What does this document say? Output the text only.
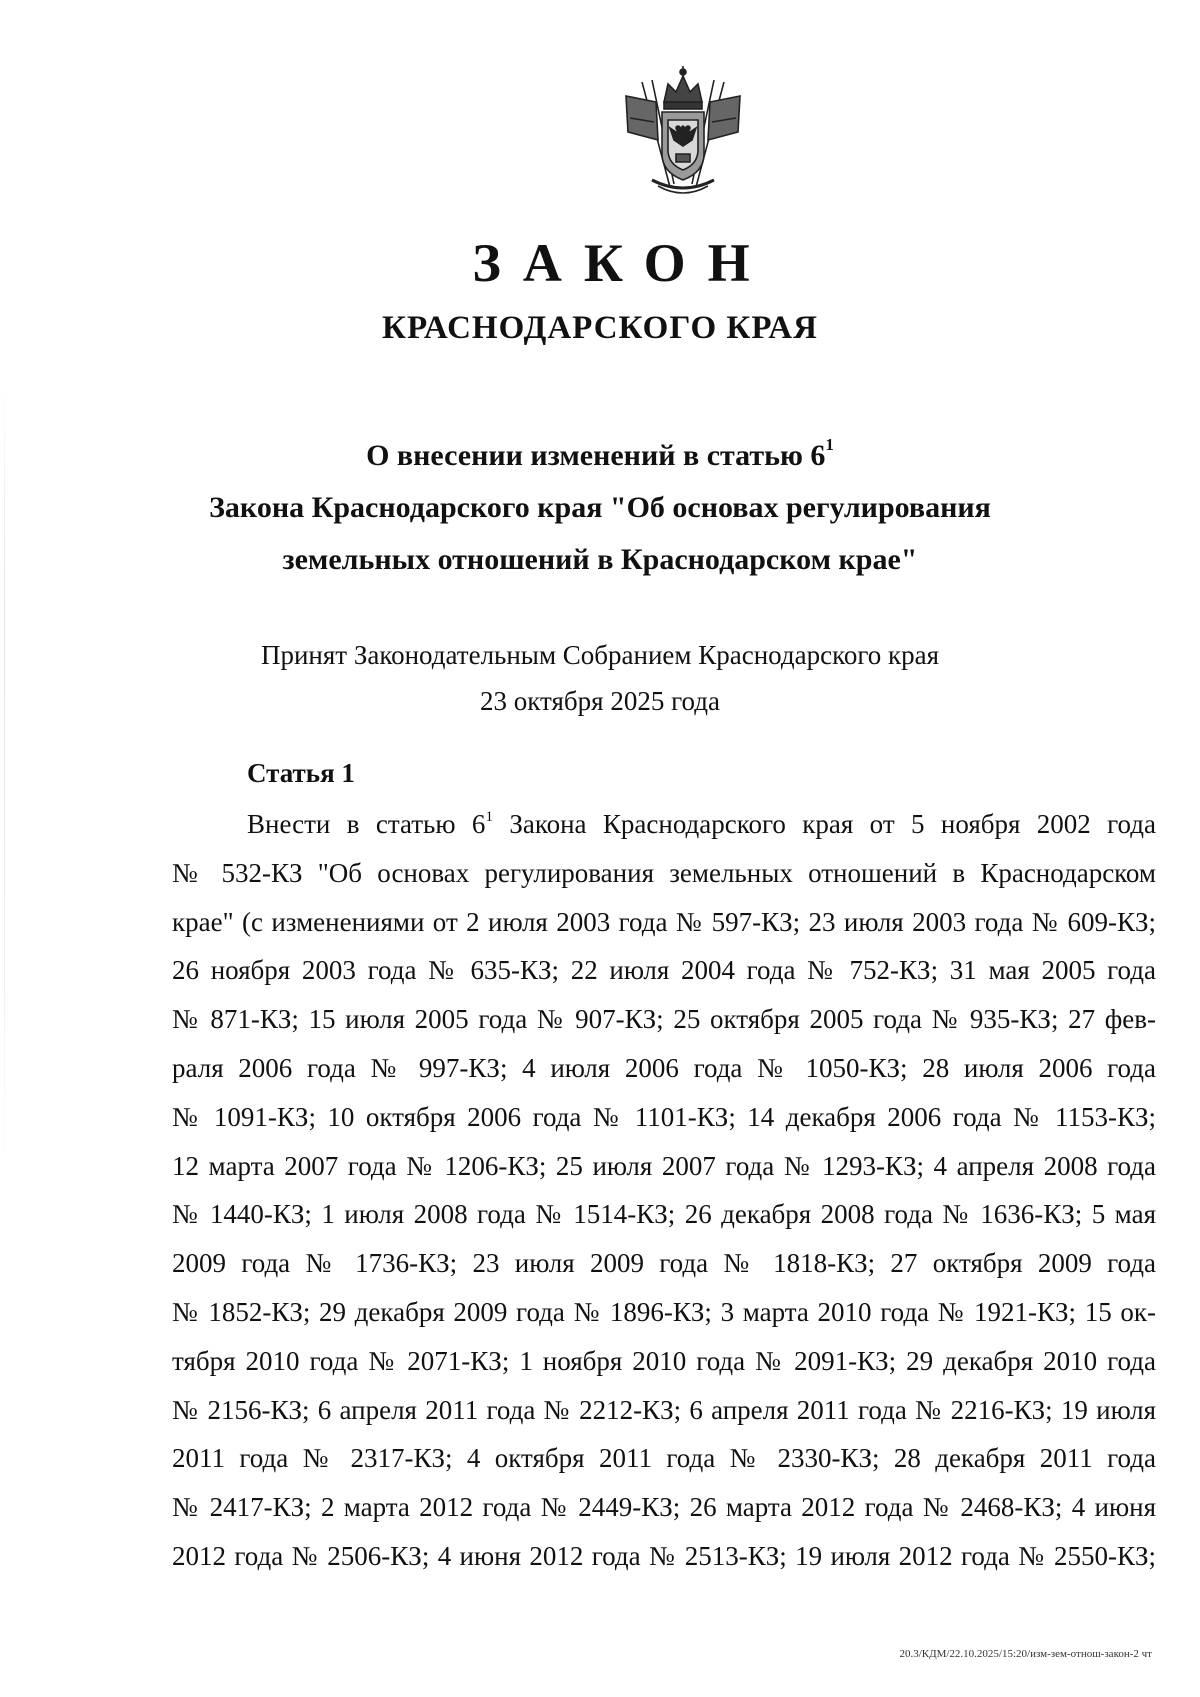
ЗАКОН
КРАСНОДАРСКОГО КРАЯ
О внесении изменений в статью $6^1$
Закона Краснодарского края "Об основах регулирования
земельных отношений в Краснодарском крае"
Принят Законодательным Собранием Краснодарского края
23 октября 2025 года
Статья 1
Внести в статью $6^1$ Закона Краснодарского края от 5 ноября 2002 года
№ 532-КЗ "Об основах регулирования земельных отношений в Краснодарском
крае" (с изменениями от 2 июля 2003 года № 597-КЗ; 23 июля 2003 года № 609-КЗ;
26 ноября 2003 года № 635-КЗ; 22 июля 2004 года № 752-КЗ; 31 мая 2005 года
№ 871-КЗ; 15 июля 2005 года № 907-КЗ; 25 октября 2005 года № 935-КЗ; 27 фев-
раля 2006 года № 997-КЗ; 4 июля 2006 года № 1050-КЗ; 28 июля 2006 года
№ 1091-КЗ; 10 октября 2006 года № 1101-КЗ; 14 декабря 2006 года № 1153-КЗ;
12 марта 2007 года № 1206-КЗ; 25 июля 2007 года № 1293-КЗ; 4 апреля 2008 года
№ 1440-КЗ; 1 июля 2008 года № 1514-КЗ; 26 декабря 2008 года № 1636-КЗ; 5 мая
2009 года № 1736-КЗ; 23 июля 2009 года № 1818-КЗ; 27 октября 2009 года
№ 1852-КЗ; 29 декабря 2009 года № 1896-КЗ; 3 марта 2010 года № 1921-КЗ; 15 ок-
тября 2010 года № 2071-КЗ; 1 ноября 2010 года № 2091-КЗ; 29 декабря 2010 года
№ 2156-КЗ; 6 апреля 2011 года № 2212-КЗ; 6 апреля 2011 года № 2216-КЗ; 19 июля
2011 года № 2317-КЗ; 4 октября 2011 года № 2330-КЗ; 28 декабря 2011 года
№ 2417-КЗ; 2 марта 2012 года № 2449-КЗ; 26 марта 2012 года № 2468-КЗ; 4 июня
2012 года № 2506-КЗ; 4 июня 2012 года № 2513-КЗ; 19 июля 2012 года № 2550-КЗ;
20.3/КДМ/22.10.2025/15:20/изм-зем-отнош-закон-2 чт
